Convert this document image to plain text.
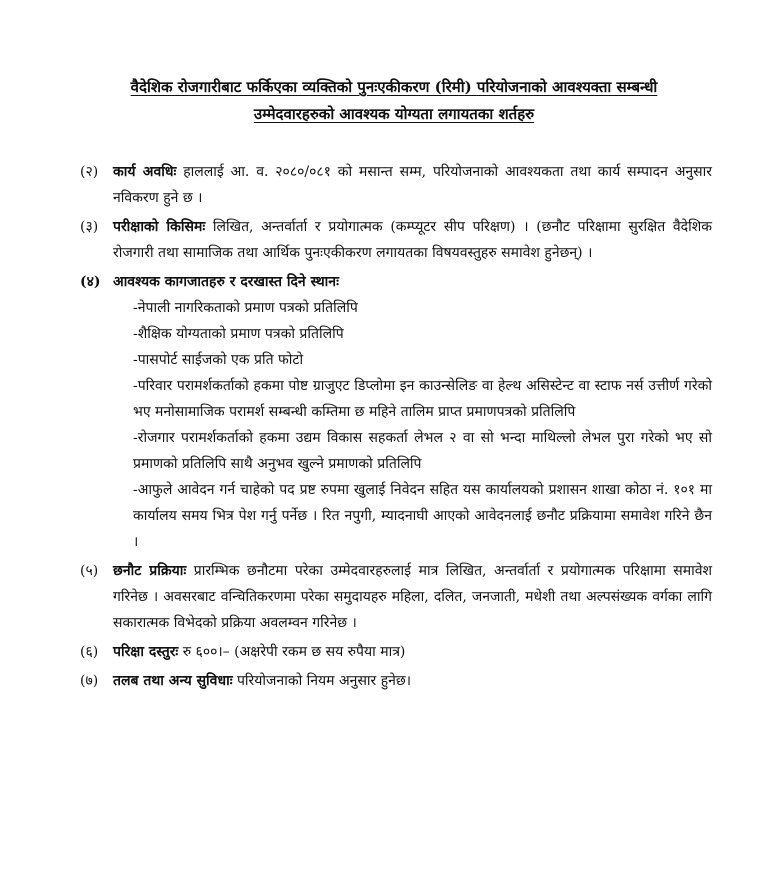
वैदेशिक रोजगारीबाट फर्किएका व्यक्तिको पुनःएकीकरण (रिमी) परियोजनाको आवश्यक्ता सम्बन्धी
उम्मेदवारहरुको आवश्यक योग्यता लगायतका शर्तहरु
(२)	कार्य अवधिः हाललाई आ. व. २०८०/०८१ को मसान्त सम्म, परियोजनाको आवश्यकता तथा कार्य सम्पादन अनुसार नविकरण हुने छ ।
(३)	परीक्षाको किसिमः लिखित, अन्तर्वार्ता र प्रयोगात्मक (कम्प्यूटर सीप परिक्षण) । (छनौट परिक्षामा सुरक्षित वैदेशिक रोजगारी तथा सामाजिक तथा आर्थिक पुनःएकीकरण लगायतका विषयवस्तुहरु समावेश हुनेछन्) ।
(४) आवश्यक कागजातहरु र दरखास्त दिने स्थानः
-नेपाली नागरिकताको प्रमाण पत्रको प्रतिलिपि
-शैक्षिक योग्यताको प्रमाण पत्रको प्रतिलिपि
-पासपोर्ट साईजको एक प्रति फोटो
-परिवार परामर्शकर्ताको हकमा पोष्ट ग्राजुएट डिप्लोमा इन काउन्सेलिङ वा हेल्थ असिस्टेन्ट वा स्टाफ नर्स उत्तीर्ण गरेको भए मनोसामाजिक परामर्श सम्बन्धी कम्तिमा छ महिने तालिम प्राप्त प्रमाणपत्रको प्रतिलिपि
-रोजगार परामर्शकर्ताको हकमा उद्यम विकास सहकर्ता लेभल २ वा सो भन्दा माथिल्लो लेभल पुरा गरेको भए सो प्रमाणको प्रतिलिपि साथै अनुभव खुल्ने प्रमाणको प्रतिलिपि
-आफुले आवेदन गर्न चाहेको पद प्रष्ट रुपमा खुलाई निवेदन सहित यस कार्यालयको प्रशासन शाखा कोठा नं. १०१ मा कार्यालय समय भित्र पेश गर्नु पर्नेछ । रित नपुगी, म्यादनाघी आएको आवेदनलाई छनौट प्रक्रियामा समावेश गरिने छैन ।
(५)	छनौट प्रक्रियाः प्रारम्भिक छनौटमा परेका उम्मेदवारहरुलाई मात्र लिखित, अन्तर्वार्ता र प्रयोगात्मक परिक्षामा समावेश गरिनेछ । अवसरबाट वन्चितिकरणमा परेका समुदायहरु महिला, दलित, जनजाती, मधेशी तथा अल्पसंख्यक वर्गका लागि सकारात्मक विभेदको प्रक्रिया अवलम्वन गरिनेछ ।
(६)	परिक्षा दस्तुरः रु ६००।– (अक्षरेपी रकम छ सय रुपैया मात्र)
(७)	तलब तथा अन्य सुविधाः परियोजनाको नियम अनुसार हुनेछ।
